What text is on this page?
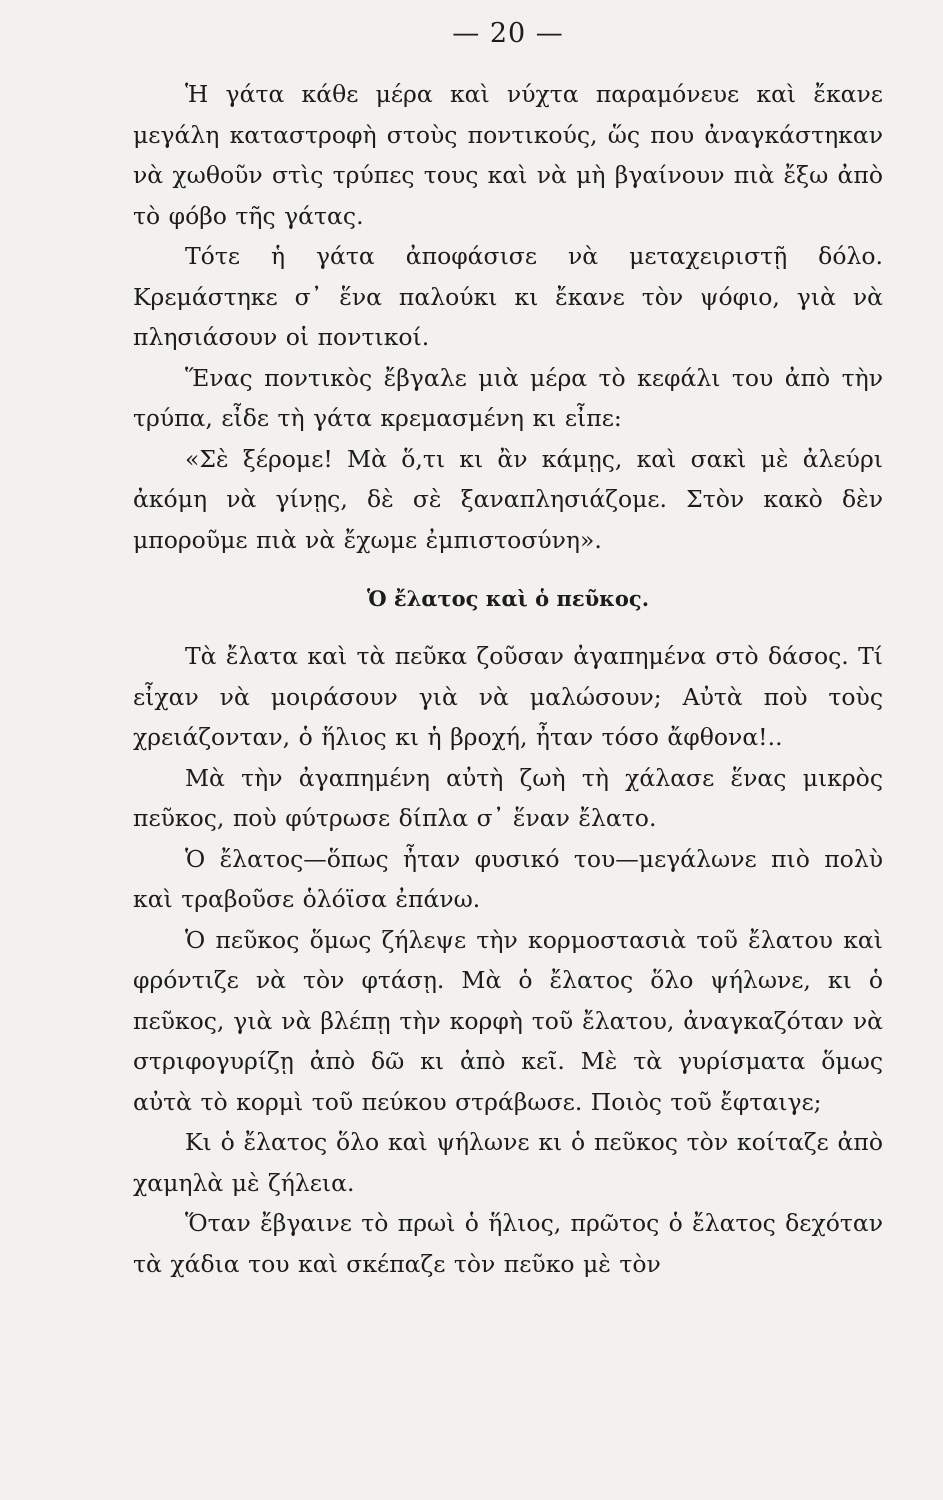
— 20 —

Ἡ γάτα κάθε μέρα καὶ νύχτα παραμόνευε καὶ ἔκανε μεγάλη καταστροφὴ στοὺς ποντικούς, ὥς που ἀναγκάστηκαν νὰ χωθοῦν στὶς τρύπες τους καὶ νὰ μὴ βγαίνουν πιὰ ἔξω ἀπὸ τὸ φόβο τῆς γάτας.

Τότε ἡ γάτα ἀποφάσισε νὰ μεταχειριστῇ δόλο. Κρεμάστηκε σ᾽ ἕνα παλούκι κι ἔκανε τὸν ψόφιο, γιὰ νὰ πλησιάσουν οἱ ποντικοί.

Ἕνας ποντικὸς ἔβγαλε μιὰ μέρα τὸ κεφάλι του ἀπὸ τὴν τρύπα, εἶδε τὴ γάτα κρεμασμένη κι εἶπε:

«Σὲ ξέρομε! Μὰ ὅ,τι κι ἂν κάμῃς, καὶ σακὶ μὲ ἀλεύρι ἀκόμη νὰ γίνῃς, δὲ σὲ ξαναπλησιάζομε. Στὸν κακὸ δὲν μποροῦμε πιὰ νὰ ἔχωμε ἐμπιστοσύνη».

Ὁ ἔλατος καὶ ὁ πεῦκος.

Τὰ ἔλατα καὶ τὰ πεῦκα ζοῦσαν ἀγαπημένα στὸ δάσος. Τί εἶχαν νὰ μοιράσουν γιὰ νὰ μαλώσουν; Αὐτὰ ποὺ τοὺς χρειάζονταν, ὁ ἥλιος κι ἡ βροχή, ἦταν τόσο ἄφθονα!..

Μὰ τὴν ἀγαπημένη αὐτὴ ζωὴ τὴ χάλασε ἕνας μικρὸς πεῦκος, ποὺ φύτρωσε δίπλα σ᾽ ἕναν ἔλατο.

Ὁ ἔλατος—ὅπως ἦταν φυσικό του—μεγάλωνε πιὸ πολὺ καὶ τραβοῦσε ὁλόϊσα ἐπάνω.

Ὁ πεῦκος ὅμως ζήλεψε τὴν κορμοστασιὰ τοῦ ἔλατου καὶ φρόντιζε νὰ τὸν φτάσῃ. Μὰ ὁ ἔλατος ὅλο ψήλωνε, κι ὁ πεῦκος, γιὰ νὰ βλέπῃ τὴν κορφὴ τοῦ ἔλατου, ἀναγκαζόταν νὰ στριφογυρίζῃ ἀπὸ δῶ κι ἀπὸ κεῖ. Μὲ τὰ γυρίσματα ὅμως αὐτὰ τὸ κορμὶ τοῦ πεύκου στράβωσε. Ποιὸς τοῦ ἔφταιγε;

Κι ὁ ἔλατος ὅλο καὶ ψήλωνε κι ὁ πεῦκος τὸν κοίταζε ἀπὸ χαμηλὰ μὲ ζήλεια.

Ὅταν ἔβγαινε τὸ πρωὶ ὁ ἥλιος, πρῶτος ὁ ἔλατος δεχόταν τὰ χάδια του καὶ σκέπαζε τὸν πεῦκο μὲ τὸν
